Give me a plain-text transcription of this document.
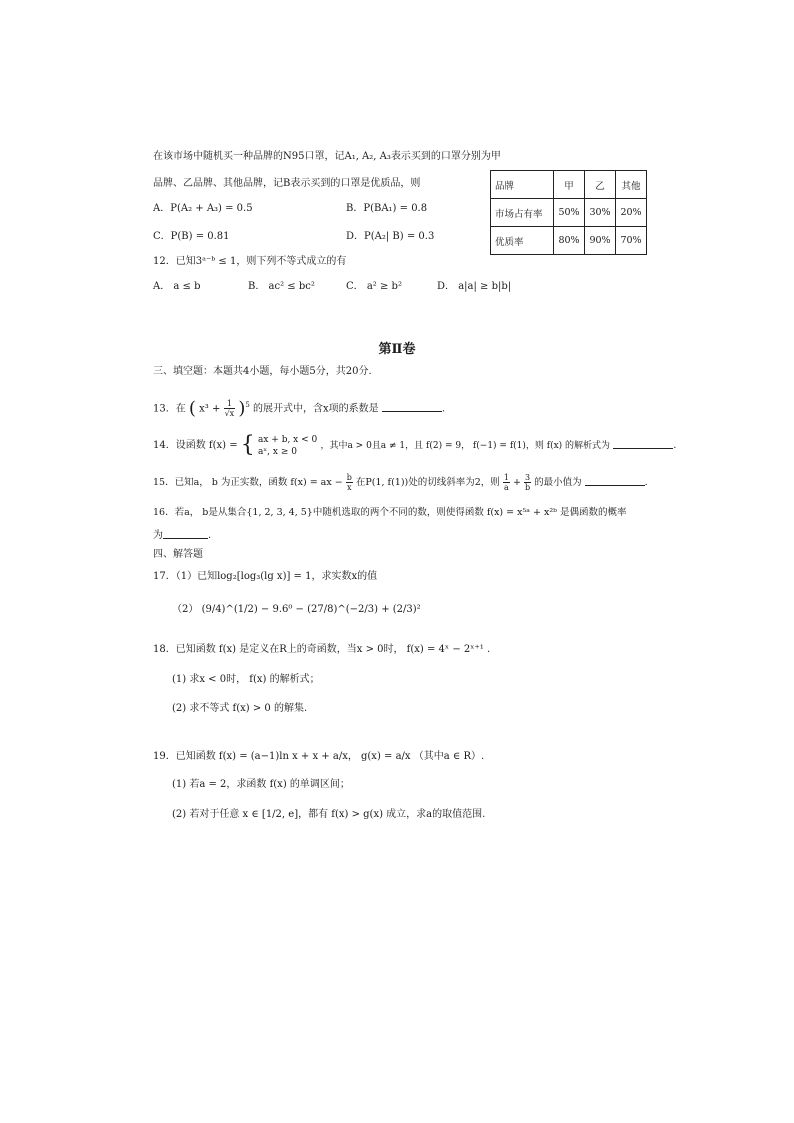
在该市场中随机买一种品牌的N95口罩，记A₁, A₂, A₃表示买到的口罩分别为甲
品牌、乙品牌、其他品牌，记B表示买到的口罩是优质品，则
A．P(A₂ + A₃) = 0.5	B．P(BA₁) = 0.8
C．P(B) = 0.81	D．P(A₂| B) = 0.3
品牌	甲	乙	其他
市场占有率	50%	30%	20%
优质率	80%	90%	70%
12．已知3ᵃ⁻ᵇ ≤ 1，则下列不等式成立的有
A． a ≤ b	B． ac² ≤ bc²	C． a² ≥ b²	D． a|a| ≥ b|b|
第Ⅱ卷
三、填空题：本题共4小题，每小题5分，共20分.
13．在 ( $x^3 + \frac{1}{√x} )^5$ 的展开式中，含x项的系数是	.
14．设函数 f(x) = { ax + b, x < 0
aˣ, x ≥ 0
，其中a > 0且a ≠ 1，且 f(2) = 9， f(−1) = f(1)，则 f(x) 的解析式为	.
15．已知a， b 为正实数，函数 f(x) = ax − $\frac{b}{x}$ 在P(1, f(1))处的切线斜率为2，则 $\frac{1}{a} + \frac{3}{b}$ 的最小值为	.
16．若a， b是从集合{1, 2, 3, 4, 5}中随机选取的两个不同的数，则使得函数 f(x) = x⁵ᵃ + x²ᵇ 是偶函数的概率
为	.
四、解答题
17．（1）已知log₂[log₃(lg x)] = 1，求实数x的值
（2） (9/4)^(1/2) − 9.6⁰ − (27/8)^(−2/3) + (2/3)²
18．已知函数 f(x) 是定义在R上的奇函数，当x > 0时， f(x) = 4ˣ − 2ˣ⁺¹ .
(1) 求x < 0时， f(x) 的解析式；
(2) 求不等式 f(x) > 0 的解集.
19．已知函数 f(x) = (a−1)ln x + x + a/x， g(x) = a/x （其中a ∈ R）.
(1) 若a = 2，求函数 f(x) 的单调区间；
(2) 若对于任意 x ∈ [1/2, e]，都有 f(x) > g(x) 成立，求a的取值范围.
